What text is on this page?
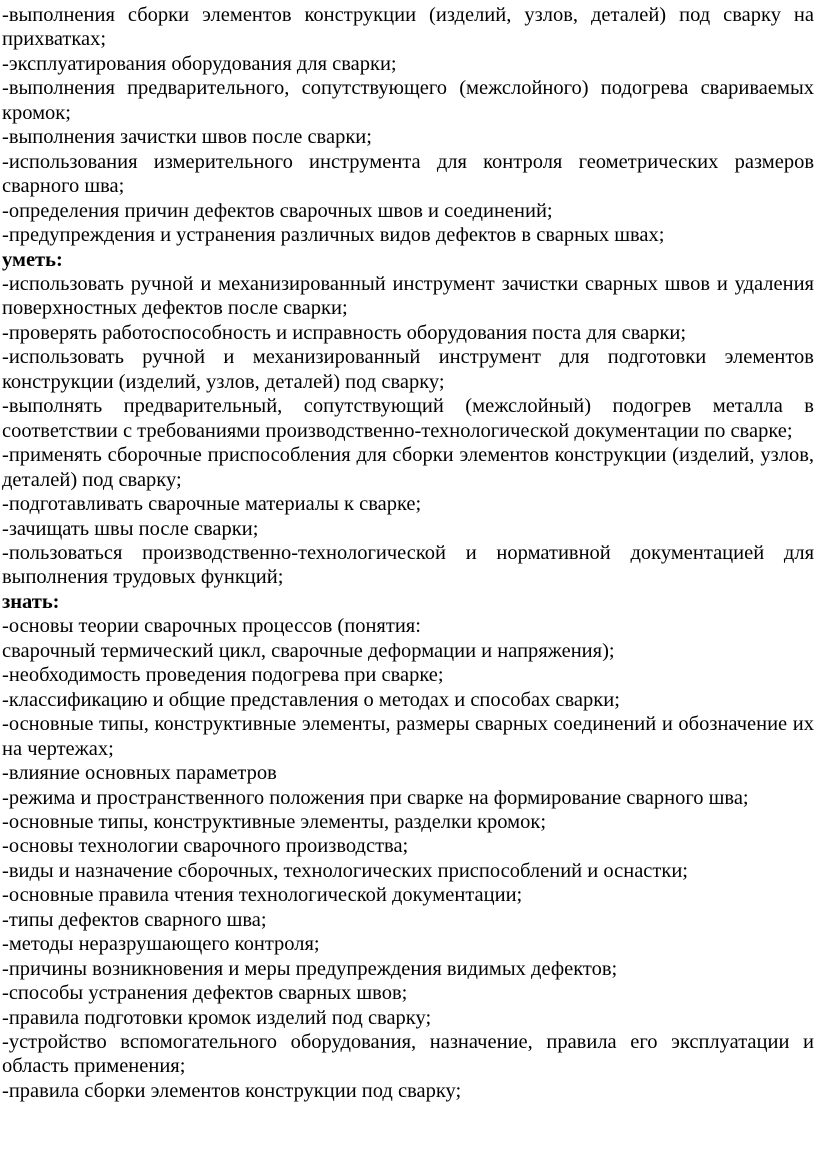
-выполнения сборки элементов конструкции (изделий, узлов, деталей) под сварку на прихватках;

-эксплуатирования оборудования для сварки;

-выполнения предварительного, сопутствующего (межслойного) подогрева свариваемых кромок;

-выполнения зачистки швов после сварки;

-использования измерительного инструмента для контроля геометрических размеров сварного шва;

-определения причин дефектов сварочных швов и соединений;

-предупреждения и устранения различных видов дефектов в сварных швах;

уметь:

-использовать ручной и механизированный инструмент зачистки сварных швов и удаления поверхностных дефектов после сварки;

-проверять работоспособность и исправность оборудования поста для сварки;

-использовать ручной и механизированный инструмент для подготовки элементов конструкции (изделий, узлов, деталей) под сварку;

-выполнять предварительный, сопутствующий (межслойный) подогрев металла в соответствии с требованиями производственно-технологической документации по сварке;

-применять сборочные приспособления для сборки элементов конструкции (изделий, узлов, деталей) под сварку;

-подготавливать сварочные материалы к сварке;

-зачищать швы после сварки;

-пользоваться производственно-технологической и нормативной документацией для выполнения трудовых функций;

знать:

-основы теории сварочных процессов (понятия:

сварочный термический цикл, сварочные деформации и напряжения);

-необходимость проведения подогрева при сварке;

-классификацию и общие представления о методах и способах сварки;

-основные типы, конструктивные элементы, размеры сварных соединений и обозначение их на чертежах;

-влияние основных параметров

-режима и пространственного положения при сварке на формирование сварного шва;

-основные типы, конструктивные элементы, разделки кромок;

-основы технологии сварочного производства;

-виды и назначение сборочных, технологических приспособлений и оснастки;

-основные правила чтения технологической документации;

-типы дефектов сварного шва;

-методы неразрушающего контроля;

-причины возникновения и меры предупреждения видимых дефектов;

-способы устранения дефектов сварных швов;

-правила подготовки кромок изделий под сварку;

-устройство вспомогательного оборудования, назначение, правила его эксплуатации и область применения;

-правила сборки элементов конструкции под сварку;
